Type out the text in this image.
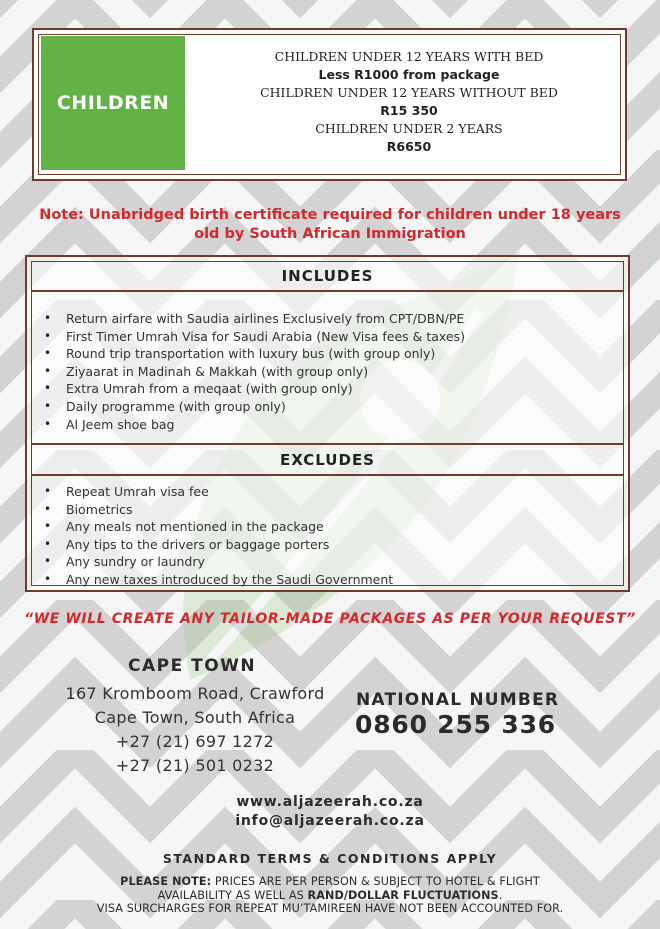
CHILDREN
CHILDREN UNDER 12 YEARS WITH BED
Less R1000 from package
CHILDREN UNDER 12 YEARS WITHOUT BED
R15 350
CHILDREN UNDER 2 YEARS
R6650
Note: Unabridged birth certificate required for children under 18 years
old by South African Immigration
INCLUDES
• Return airfare with Saudia airlines Exclusively from CPT/DBN/PE
• First Timer Umrah Visa for Saudi Arabia (New Visa fees & taxes)
• Round trip transportation with luxury bus (with group only)
• Ziyaarat in Madinah & Makkah (with group only)
• Extra Umrah from a meqaat (with group only)
• Daily programme (with group only)
• Al Jeem shoe bag
EXCLUDES
• Repeat Umrah visa fee
• Biometrics
• Any meals not mentioned in the package
• Any tips to the drivers or baggage porters
• Any sundry or laundry
• Any new taxes introduced by the Saudi Government
“WE WILL CREATE ANY TAILOR-MADE PACKAGES AS PER YOUR REQUEST”
CAPE TOWN
167 Kromboom Road, Crawford
Cape Town, South Africa
+27 (21) 697 1272
+27 (21) 501 0232
NATIONAL NUMBER
0860 255 336
www.aljazeerah.co.za
info@aljazeerah.co.za
STANDARD TERMS & CONDITIONS APPLY
PLEASE NOTE: PRICES ARE PER PERSON & SUBJECT TO HOTEL & FLIGHT
AVAILABILITY AS WELL AS RAND/DOLLAR FLUCTUATIONS.
VISA SURCHARGES FOR REPEAT MU’TAMIREEN HAVE NOT BEEN ACCOUNTED FOR.
